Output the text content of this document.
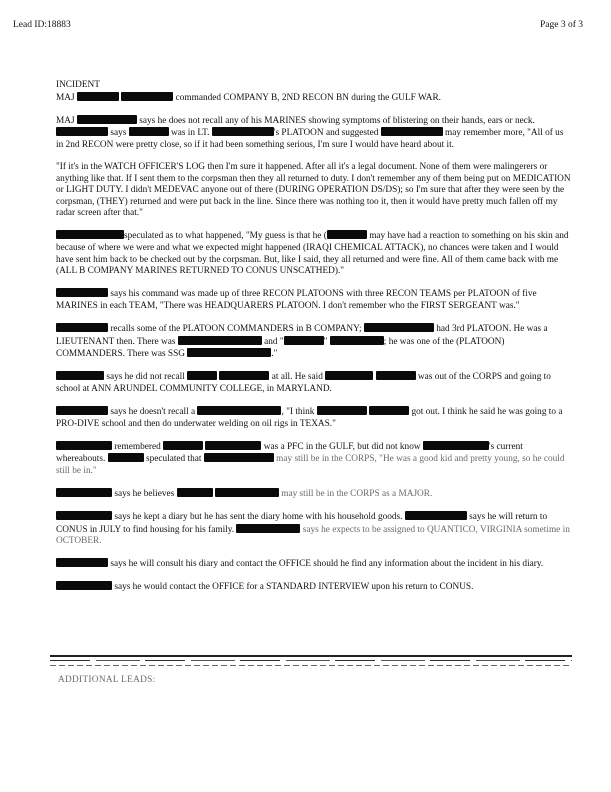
Lead ID:18883	Page 3 of 3
INCIDENT

MAJ	commanded COMPANY B, 2ND RECON BN during the GULF WAR.

MAJ	says he does not recall any of his MARINES showing symptoms of blistering on their hands, ears or neck.  says	was in LT.	's PLATOON and suggested	may remember more, "All of us in 2nd RECON were pretty close, so if it had been something serious, I'm sure I would have heard about it.

"If it's in the WATCH OFFICER'S LOG then I'm sure it happened. After all it's a legal document. None of them were malingerers or anything like that. If I sent them to the corpsman then they all returned to duty. I don't remember any of them being put on MEDICATION or LIGHT DUTY. I didn't MEDEVAC anyone out of there (DURING OPERATION DS/DS); so I'm sure that after they were seen by the corpsman, (THEY) returned and were put back in the line. Since there was nothing too it, then it would have pretty much fallen off my radar screen after that."

speculated as to what happened, "My guess is that he (	may have had a reaction to something on his skin and because of where we were and what we expected might happened (IRAQI CHEMICAL ATTACK), no chances were taken and I would have sent him back to be checked out by the corpsman. But, like I said, they all returned and were fine. All of them came back with me (ALL B COMPANY MARINES RETURNED TO CONUS UNSCATHED)."

says his command was made up of three RECON PLATOONS with three RECON TEAMS per PLATOON of five MARINES in each TEAM, "There was HEADQUARERS PLATOON. I don't remember who the FIRST SERGEANT was."

recalls some of the PLATOON COMMANDERS in B COMPANY;	had 3rd PLATOON. He was a LIEUTENANT then. There was	and "	"	; he was one of the (PLATOON) COMMANDERS. There was SSG	."

says he did not recall	at all. He said	was out of the CORPS and going to school at ANN ARUNDEL COMMUNITY COLLEGE, in MARYLAND.

says he doesn't recall a	, "I think	got out. I think he said he was going to a PRO-DIVE school and then do underwater welding on oil rigs in TEXAS."

remembered	was a PFC in the GULF, but did not know	's current whereabouts.	speculated that	may still be in the CORPS, "He was a good kid and pretty young, so he could still be in."

says he believes	may still be in the CORPS as a MAJOR.

says he kept a diary but he has sent the diary home with his household goods.	says he will return to CONUS in JULY to find housing for his family.	says he expects to be assigned to QUANTICO, VIRGINIA sometime in OCTOBER.

says he will consult his diary and contact the OFFICE should he find any information about the incident in his diary.

says he would contact the OFFICE for a STANDARD INTERVIEW upon his return to CONUS.

ADDITIONAL LEADS:
